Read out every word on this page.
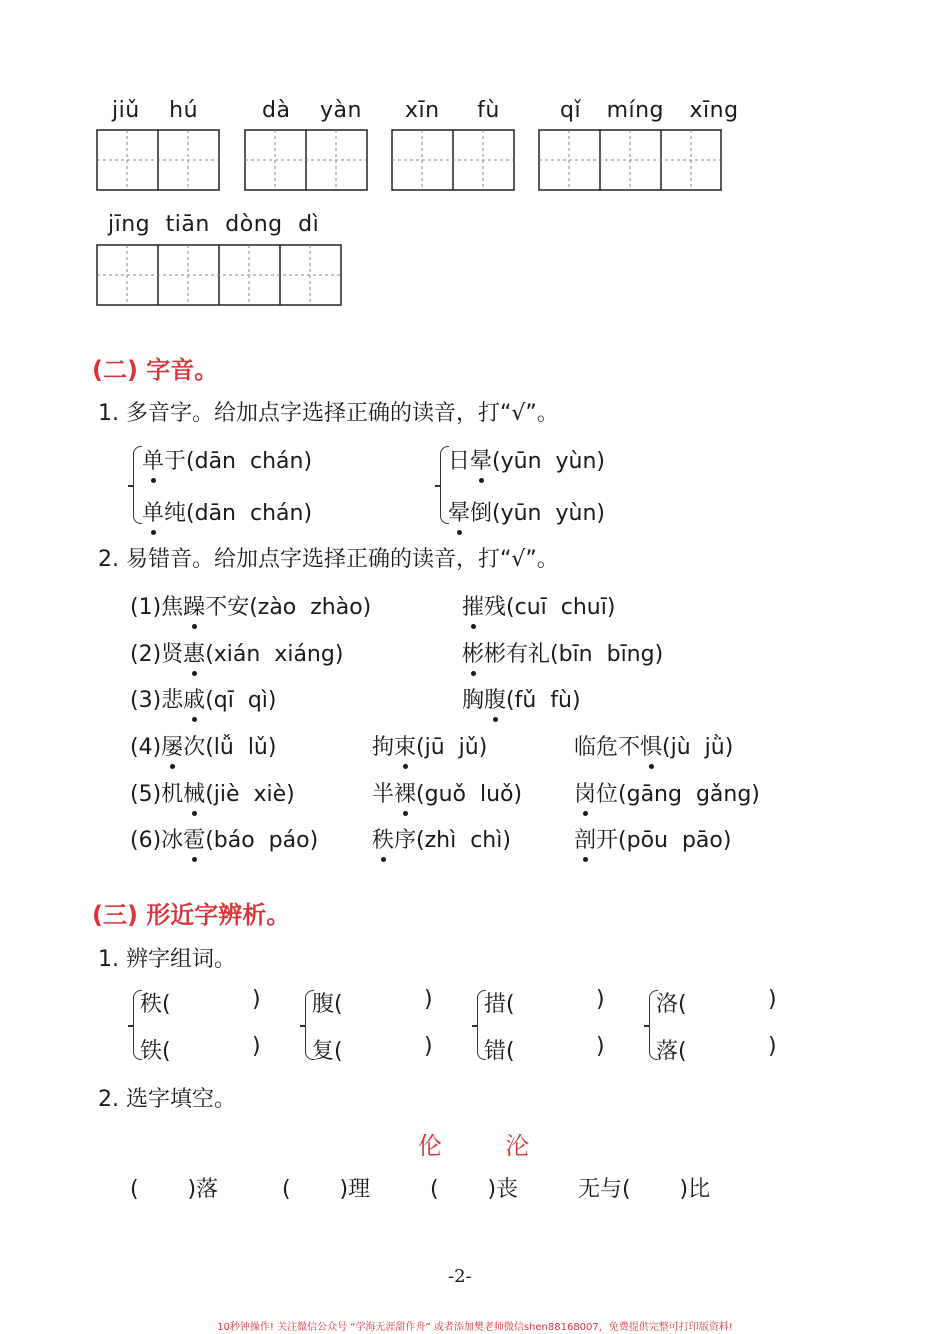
jiǔ hú	dà yàn xīn fù	qǐ míng xīng
jīng tiān dòng dì
(二) 字音。
1. 多音字。给加点字选择正确的读音，打“√”。
单于(dān  chán)
单纯(dān  chán)
日晕(yūn  yùn)
晕倒(yūn  yùn)
2. 易错音。给加点字选择正确的读音，打“√”。
(1)焦躁不安(zào  zhào)	摧残(cuī  chuī)
(2)贤惠(xián  xiáng)	彬彬有礼(bīn  bīng)
(3)悲戚(qī  qì)	胸腹(fǔ  fù)
(4)屡次(lǚ  lǔ)	拘束(jū  jǔ)	临危不惧(jù  jǜ)
(5)机械(jiè  xiè)	半裸(guǒ  luǒ) 岗位(gāng  gǎng)
(6)冰雹(báo  páo) 秩序(zhì  chì)	剖开(pōu  pāo)
(三) 形近字辨析。
1. 辨字组词。
秩(	)
铁(	)
腹(	)
复(	)
措(	)
错(	)
洛(	)
落(	)
2. 选字填空。
伦  沦
(       )落	(       )理	(       )丧	无与(       )比
-2-
10秒钟操作! 关注微信公众号 “学海无涯甜作舟” 或者添加樊老师微信shen88168007，免费提供完整可打印版资料!
